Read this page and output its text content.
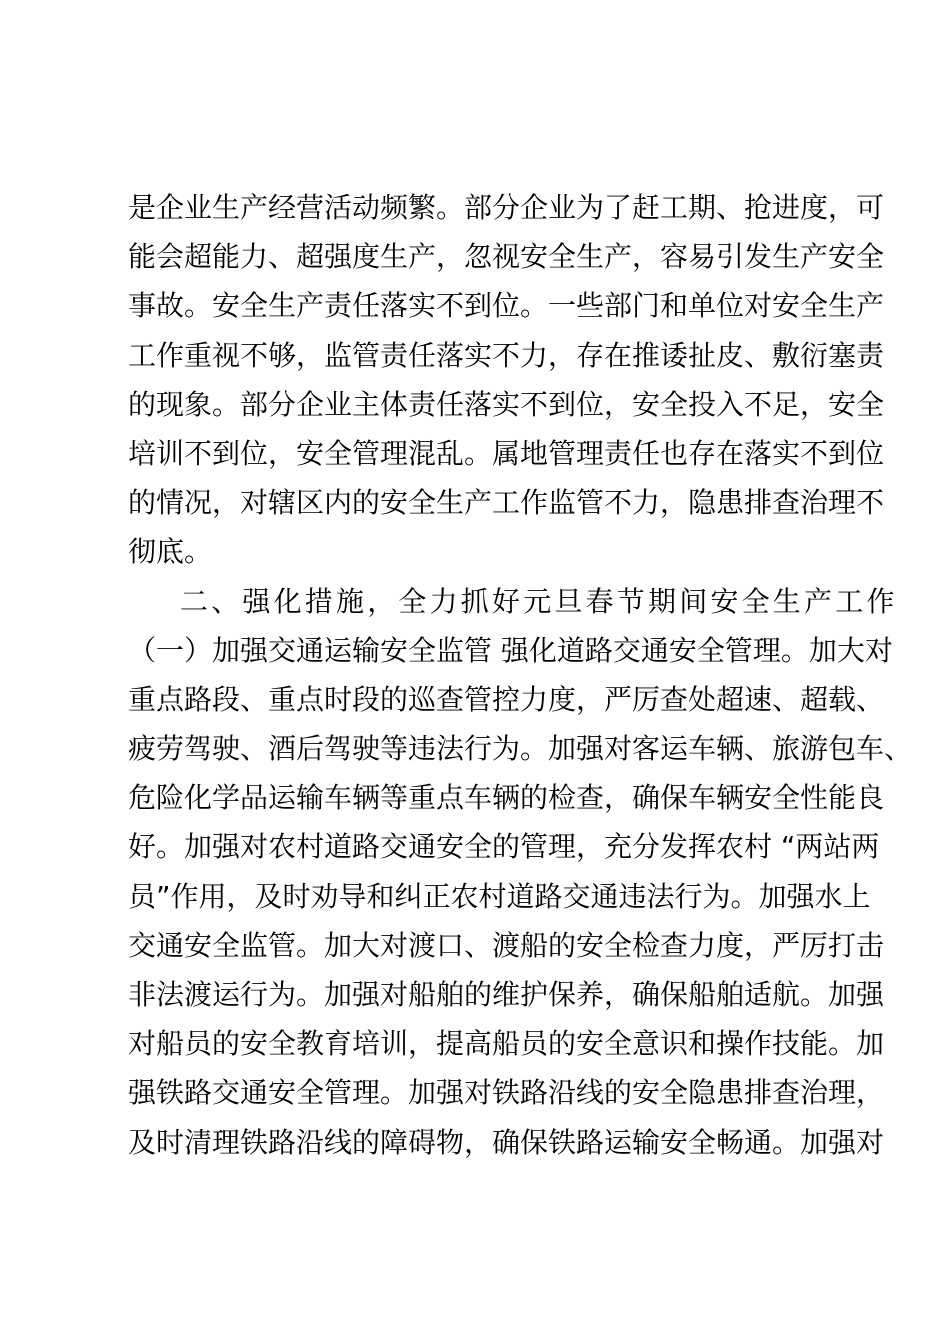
是企业生产经营活动频繁。部分企业为了赶工期、抢进度，可
能会超能力、超强度生产，忽视安全生产，容易引发生产安全
事故。安全生产责任落实不到位。一些部门和单位对安全生产
工作重视不够，监管责任落实不力，存在推诿扯皮、敷衍塞责
的现象。部分企业主体责任落实不到位，安全投入不足，安全
培训不到位，安全管理混乱。属地管理责任也存在落实不到位
的情况，对辖区内的安全生产工作监管不力，隐患排查治理不
彻底。
二、强化措施，全力抓好元旦春节期间安全生产工作
（一）加强交通运输安全监管 强化道路交通安全管理。加大对
重点路段、重点时段的巡查管控力度，严厉查处超速、超载、
疲劳驾驶、酒后驾驶等违法行为。加强对客运车辆、旅游包车、
危险化学品运输车辆等重点车辆的检查，确保车辆安全性能良
好。加强对农村道路交通安全的管理，充分发挥农村 “两站两
员”作用，及时劝导和纠正农村道路交通违法行为。加强水上
交通安全监管。加大对渡口、渡船的安全检查力度，严厉打击
非法渡运行为。加强对船舶的维护保养，确保船舶适航。加强
对船员的安全教育培训，提高船员的安全意识和操作技能。加
强铁路交通安全管理。加强对铁路沿线的安全隐患排查治理，
及时清理铁路沿线的障碍物，确保铁路运输安全畅通。加强对
